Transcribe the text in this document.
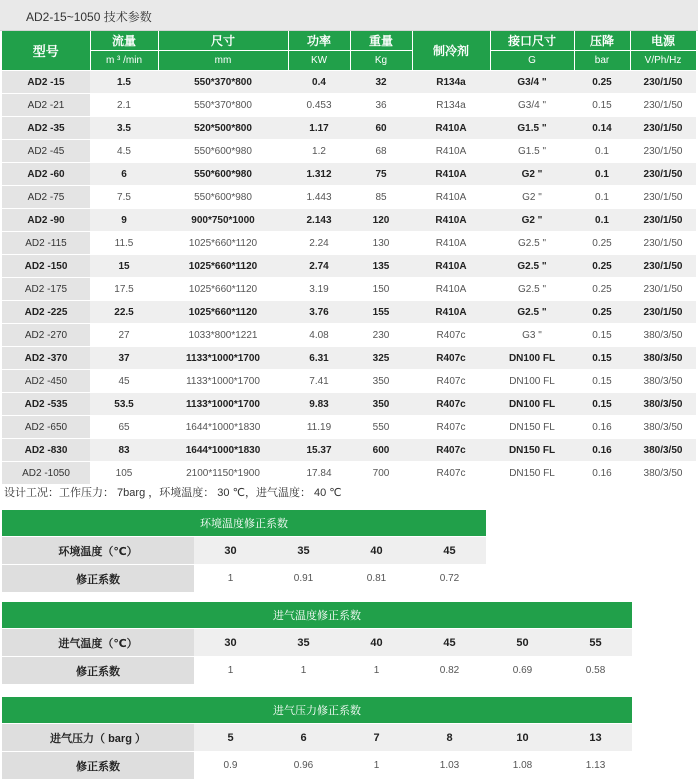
AD2-15~1050 技术参数
型号	流量	尺寸	功率	重量	制冷剂	接口尺寸	压降	电源
	m ³ /min	mm	KW	Kg		G	bar	V/Ph/Hz
AD2 -15	1.5	550*370*800	0.4	32	R134a	G3/4 "	0.25	230/1/50
AD2 -21	2.1	550*370*800	0.453	36	R134a	G3/4 "	0.15	230/1/50
AD2 -35	3.5	520*500*800	1.17	60	R410A	G1.5 "	0.14	230/1/50
AD2 -45	4.5	550*600*980	1.2	68	R410A	G1.5 "	0.1	230/1/50
AD2 -60	6	550*600*980	1.312	75	R410A	G2 "	0.1	230/1/50
AD2 -75	7.5	550*600*980	1.443	85	R410A	G2 "	0.1	230/1/50
AD2 -90	9	900*750*1000	2.143	120	R410A	G2 "	0.1	230/1/50
AD2 -115	11.5	1025*660*1120	2.24	130	R410A	G2.5 "	0.25	230/1/50
AD2 -150	15	1025*660*1120	2.74	135	R410A	G2.5 "	0.25	230/1/50
AD2 -175	17.5	1025*660*1120	3.19	150	R410A	G2.5 "	0.25	230/1/50
AD2 -225	22.5	1025*660*1120	3.76	155	R410A	G2.5 "	0.25	230/1/50
AD2 -270	27	1033*800*1221	4.08	230	R407c	G3 "	0.15	380/3/50
AD2 -370	37	1133*1000*1700	6.31	325	R407c	DN100 FL	0.15	380/3/50
AD2 -450	45	1133*1000*1700	7.41	350	R407c	DN100 FL	0.15	380/3/50
AD2 -535	53.5	1133*1000*1700	9.83	350	R407c	DN100 FL	0.15	380/3/50
AD2 -650	65	1644*1000*1830	11.19	550	R407c	DN150 FL	0.16	380/3/50
AD2 -830	83	1644*1000*1830	15.37	600	R407c	DN150 FL	0.16	380/3/50
AD2 -1050	105	2100*1150*1900	17.84	700	R407c	DN150 FL	0.16	380/3/50
设计工况：工作压力： 7barg ，环境温度： 30 ℃，进气温度： 40 ℃
环境温度修正系数				
环境温度（℃）	30	35	40	45
修正系数	1	0.91	0.81	0.72
进气温度修正系数						
进气温度（℃）	30	35	40	45	50	55
修正系数	1	1	1	0.82	0.69	0.58
进气压力修正系数						
进气压力（ barg ）	5	6	7	8	10	13
修正系数	0.9	0.96	1	1.03	1.08	1.13
